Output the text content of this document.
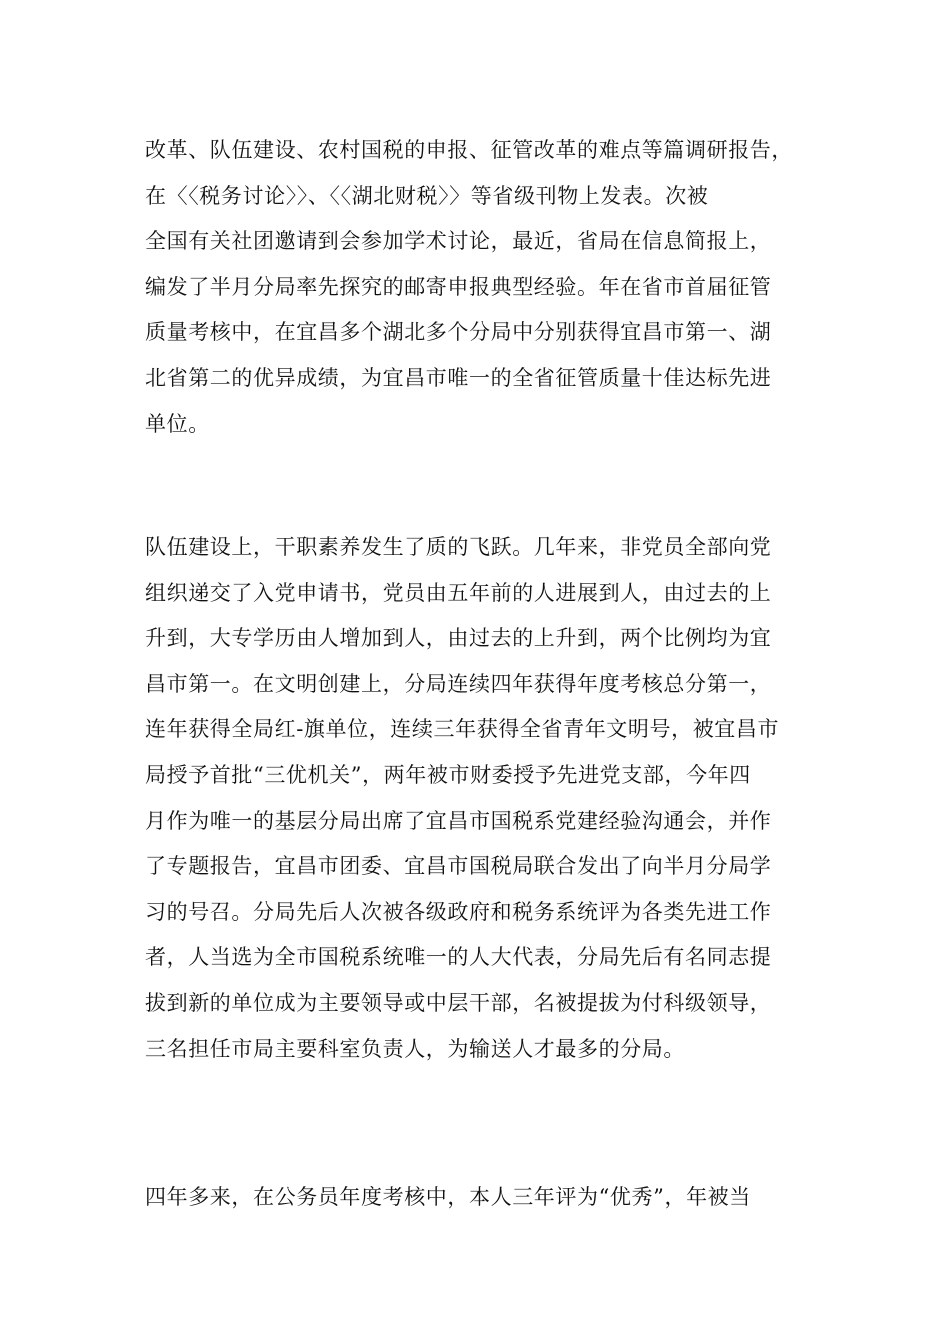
改革、队伍建设、农村国税的申报、征管改革的难点等篇调研报告，
在〈〈税务讨论〉〉、〈〈湖北财税〉〉等省级刊物上发表。次被
全国有关社团邀请到会参加学术讨论，最近，省局在信息简报上，
编发了半月分局率先探究的邮寄申报典型经验。年在省市首届征管
质量考核中，在宜昌多个湖北多个分局中分别获得宜昌市第一、湖
北省第二的优异成绩，为宜昌市唯一的全省征管质量十佳达标先进
单位。
队伍建设上，干职素养发生了质的飞跃。几年来，非党员全部向党
组织递交了入党申请书，党员由五年前的人进展到人，由过去的上
升到，大专学历由人增加到人，由过去的上升到，两个比例均为宜
昌市第一。在文明创建上，分局连续四年获得年度考核总分第一，
连年获得全局红-旗单位，连续三年获得全省青年文明号，被宜昌市
局授予首批“三优机关”，两年被市财委授予先进党支部，今年四
月作为唯一的基层分局出席了宜昌市国税系党建经验沟通会，并作
了专题报告，宜昌市团委、宜昌市国税局联合发出了向半月分局学
习的号召。分局先后人次被各级政府和税务系统评为各类先进工作
者，人当选为全市国税系统唯一的人大代表，分局先后有名同志提
拔到新的单位成为主要领导或中层干部，名被提拔为付科级领导，
三名担任市局主要科室负责人，为输送人才最多的分局。
四年多来，在公务员年度考核中，本人三年评为“优秀”，年被当
